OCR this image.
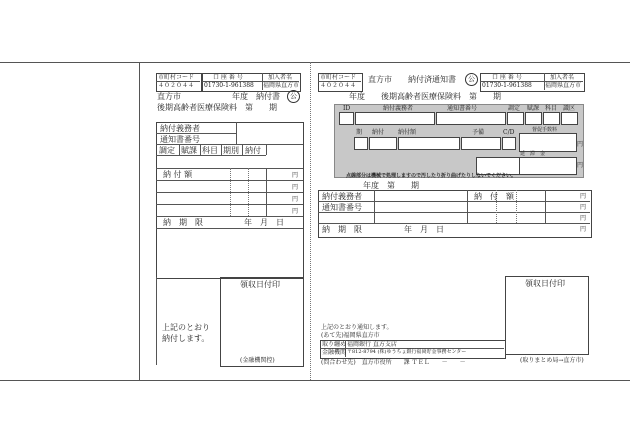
市町村コード
４０２０４４
口 座 番 号
01730-1-961388
加入者名
福岡県直方市
直方市	年度　納付書	公
後期高齢者医療保険料　第　　期
納付義務者
通知書番号
調定 賦課 科目 期別 納付
納 付 額	円
円
円
円
納　期　限	年　月　日
領収日付印
上記のとおり
納付します。
(金融機関控)
市町村コード
４０２０４４
直方市 納付済通知書	公	口 座 番 号
01730-1-961388
加入者名
福岡県直方市
年度　　後期高齢者医療保険料　第　　期
ID	納付義務者	通知書番号	調定 賦課 科目 識区
期 納付 納付額	予備	C/D	督促手数料
円
延　滞　金
円
点線部分は機械で処理しますので汚したり折り曲げたりしないでください。
年度　第　　期
納付義務者	納　付　額
通知書番号
納　期　限	年　月　日
円
円
円
円
領収日付印
上記のとおり通知します。
(あて先)福岡県直方市
取り纏め 福岡銀行 直方支店
金融機関 〒812-8794 (株)ゆうちょ銀行福岡貯金事務センター
(問合わせ先)　直方市役所　　課 ＴＥＬ　　－　　－	(取りまとめ局→直方市)
